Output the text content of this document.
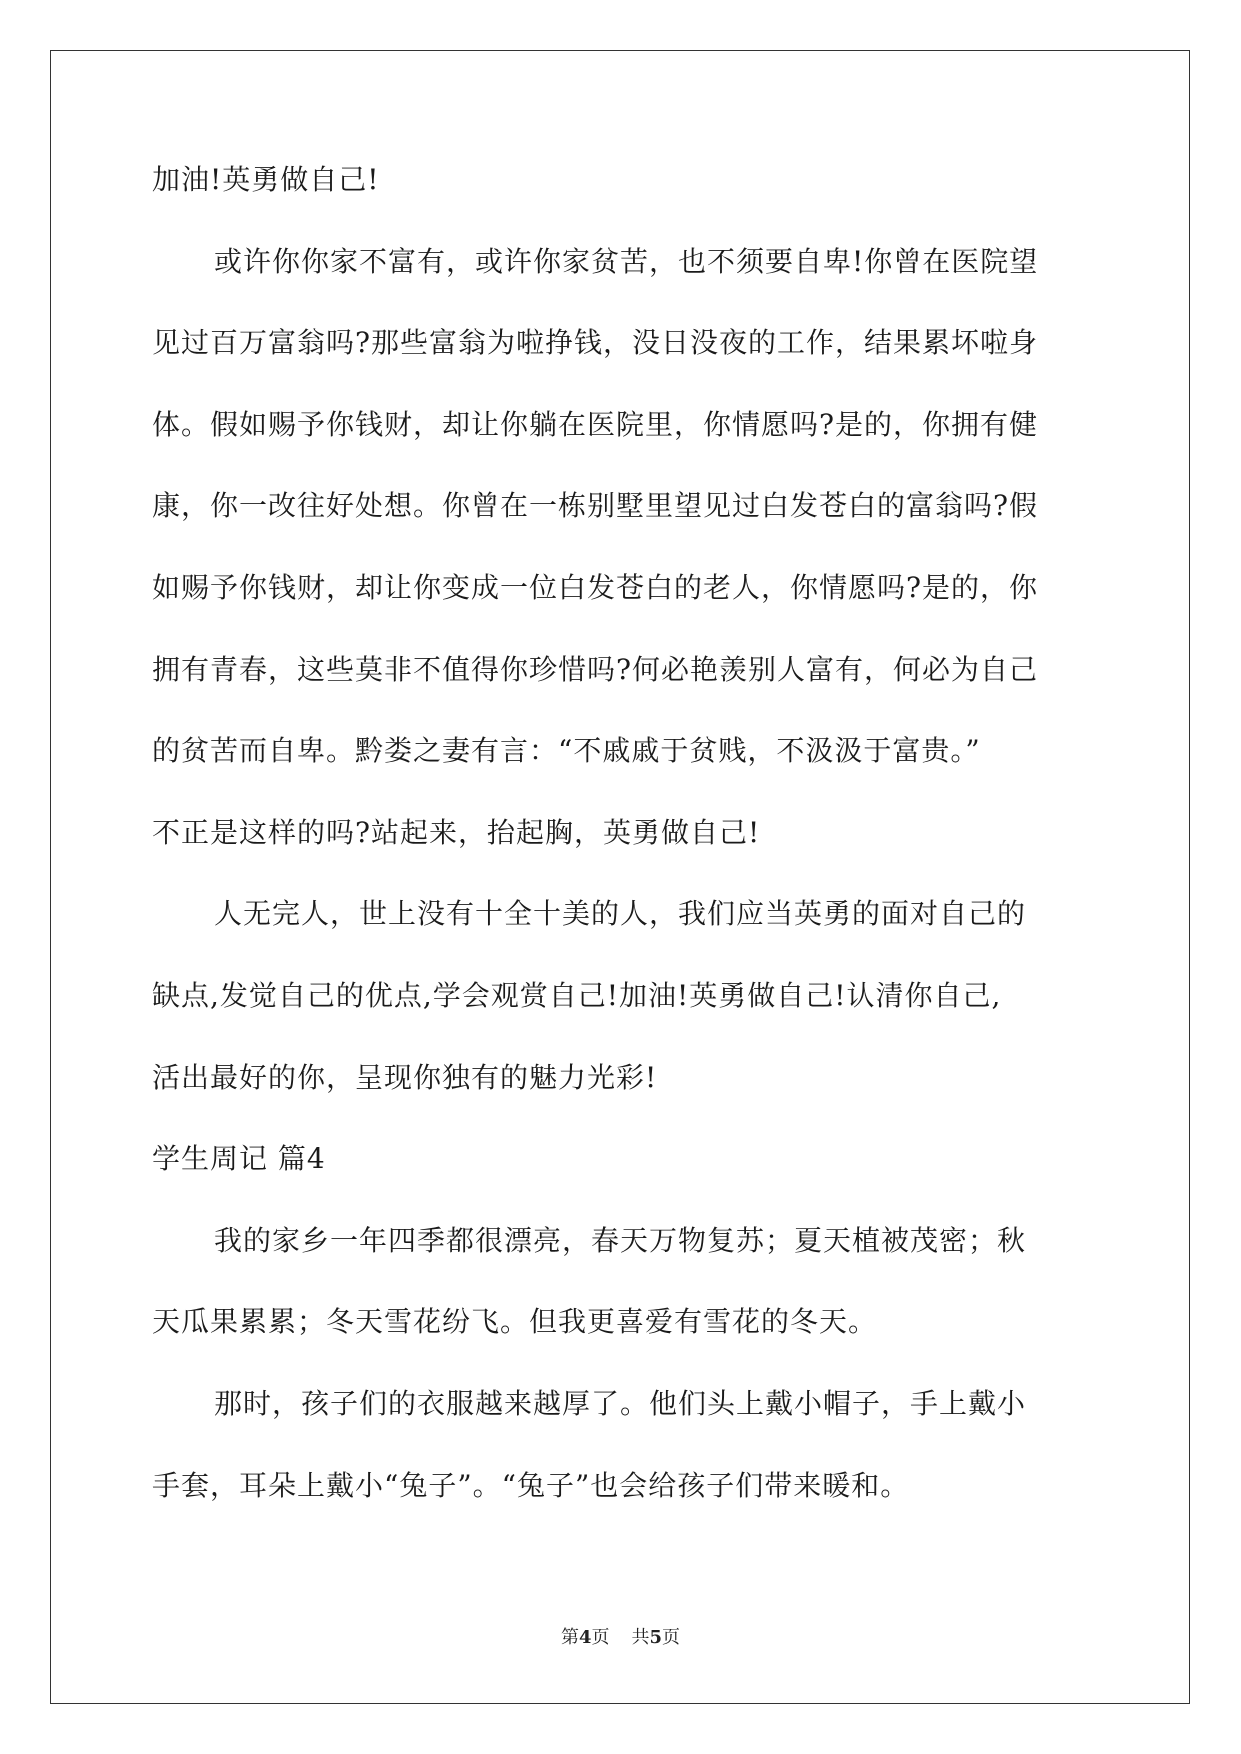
加油!英勇做自己!
或许你你家不富有，或许你家贫苦，也不须要自卑!你曾在医院望
见过百万富翁吗?那些富翁为啦挣钱，没日没夜的工作，结果累坏啦身
体。假如赐予你钱财，却让你躺在医院里，你情愿吗?是的，你拥有健
康，你一改往好处想。你曾在一栋别墅里望见过白发苍白的富翁吗?假
如赐予你钱财，却让你变成一位白发苍白的老人，你情愿吗?是的，你
拥有青春，这些莫非不值得你珍惜吗?何必艳羡别人富有，何必为自己
的贫苦而自卑。黔娄之妻有言：“不戚戚于贫贱，不汲汲于富贵。”
不正是这样的吗?站起来，抬起胸，英勇做自己!
人无完人，世上没有十全十美的人，我们应当英勇的面对自己的
缺点,发觉自己的优点,学会观赏自己!加油!英勇做自己!认清你自己,
活出最好的你，呈现你独有的魅力光彩!
学生周记 篇4
我的家乡一年四季都很漂亮，春天万物复苏；夏天植被茂密；秋
天瓜果累累；冬天雪花纷飞。但我更喜爱有雪花的冬天。
那时，孩子们的衣服越来越厚了。他们头上戴小帽子，手上戴小
手套，耳朵上戴小“兔子”。“兔子”也会给孩子们带来暖和。
第4页 共5页
